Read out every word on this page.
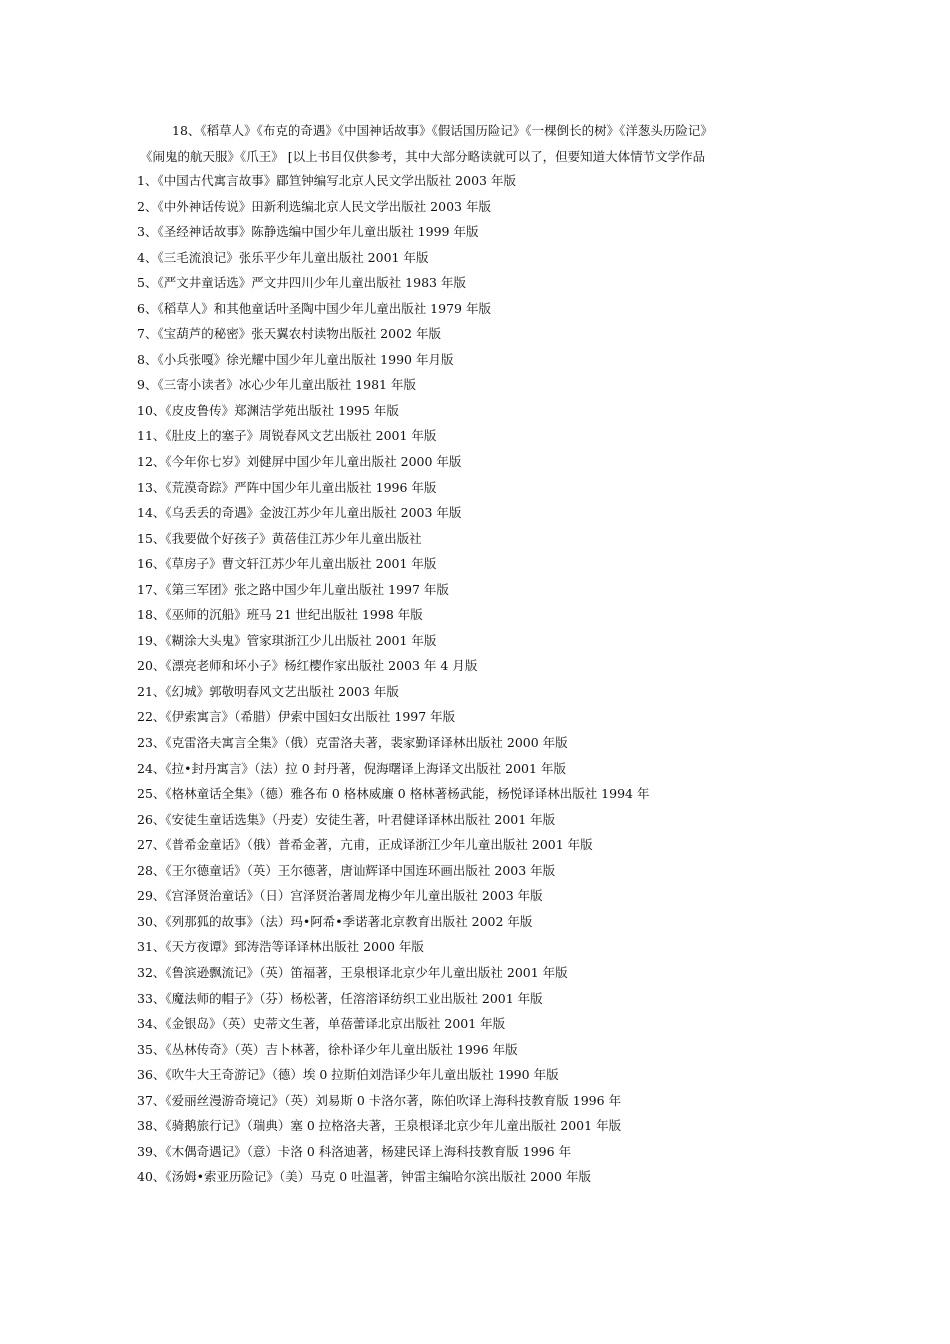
18、《稻草人》《布克的奇遇》《中国神话故事》《假话国历险记》《一棵倒长的树》《洋葱头历险记》
《闹鬼的航天服》《爪王》 [以上书目仅供参考，其中大部分略读就可以了，但要知道大体情节文学作品
1、《中国古代寓言故事》郿笪钟编写北京人民文学出版社 2003 年版
2、《中外神话传说》田新利选编北京人民文学出版社 2003 年版
3、《圣经神话故事》陈静选编中国少年儿童出版社 1999 年版
4、《三毛流浪记》张乐平少年儿童出版社 2001 年版
5、《严文井童话选》严文井四川少年儿童出版社 1983 年版
6、《稻草人》和其他童话叶圣陶中国少年儿童出版社 1979 年版
7、《宝葫芦的秘密》张天翼农村读物出版社 2002 年版
8、《小兵张嘎》徐光耀中国少年儿童出版社 1990 年月版
9、《三寄小读者》冰心少年儿童出版社 1981 年版
10、《皮皮鲁传》郑渊洁学苑出版社 1995 年版
11、《肚皮上的塞子》周锐春风文艺出版社 2001 年版
12、《今年你七岁》刘健屏中国少年儿童出版社 2000 年版
13、《荒漠奇踪》严阵中国少年儿童出版社 1996 年版
14、《乌丢丢的奇遇》金波江苏少年儿童出版社 2003 年版
15、《我要做个好孩子》黄蓓佳江苏少年儿童出版社
16、《草房子》曹文轩江苏少年儿童出版社 2001 年版
17、《第三军团》张之路中国少年儿童出版社 1997 年版
18、《巫师的沉船》班马 21 世纪出版社 1998 年版
19、《糊涂大头鬼》管家琪浙江少儿出版社 2001 年版
20、《漂亮老师和坏小子》杨红樱作家出版社 2003 年 4 月版
21、《幻城》郭敬明春风文艺出版社 2003 年版
22、《伊索寓言》（希腊）伊索中国妇女出版社 1997 年版
23、《克雷洛夫寓言全集》（俄）克雷洛夫著，裴家勤译译林出版社 2000 年版
24、《拉•封丹寓言》（法）拉 0 封丹著，倪海曙译上海译文出版社 2001 年版
25、《格林童话全集》（德）雅各布 0 格林威廉 0 格林著杨武能，杨悦译译林出版社 1994 年
26、《安徒生童话选集》（丹麦）安徒生著，叶君健译译林出版社 2001 年版
27、《普希金童话》（俄）普希金著，亢甫，正成译浙江少年儿童出版社 2001 年版
28、《王尔德童话》（英）王尔德著，唐讪辉译中国连环画出版社 2003 年版
29、《宫泽贤治童话》（日）宫泽贤治著周龙梅少年儿童出版社 2003 年版
30、《列那狐的故事》（法）玛•阿希•季诺著北京教育出版社 2002 年版
31、《天方夜谭》郅涛浩等译译林出版社 2000 年版
32、《鲁滨逊飘流记》（英）笛福著，王泉根译北京少年儿童出版社 2001 年版
33、《魔法师的帽子》（芬）杨松著，任溶溶译纺织工业出版社 2001 年版
34、《金银岛》（英）史蒂文生著，单蓓蕾译北京出版社 2001 年版
35、《丛林传奇》（英）吉卜林著，徐朴译少年儿童出版社 1996 年版
36、《吹牛大王奇游记》（德）埃 0 拉斯伯刘浩译少年儿童出版社 1990 年版
37、《爱丽丝漫游奇境记》（英）刘易斯 0 卡洛尔著，陈伯吹译上海科技教育版 1996 年
38、《骑鹅旅行记》（瑞典）塞 0 拉格洛夫著，王泉根译北京少年儿童出版社 2001 年版
39、《木偶奇遇记》（意）卡洛 0 科洛迪著，杨建民译上海科技教育版 1996 年
40、《汤姆•索亚历险记》（美）马克 0 吐温著，钟雷主编哈尔滨出版社 2000 年版
